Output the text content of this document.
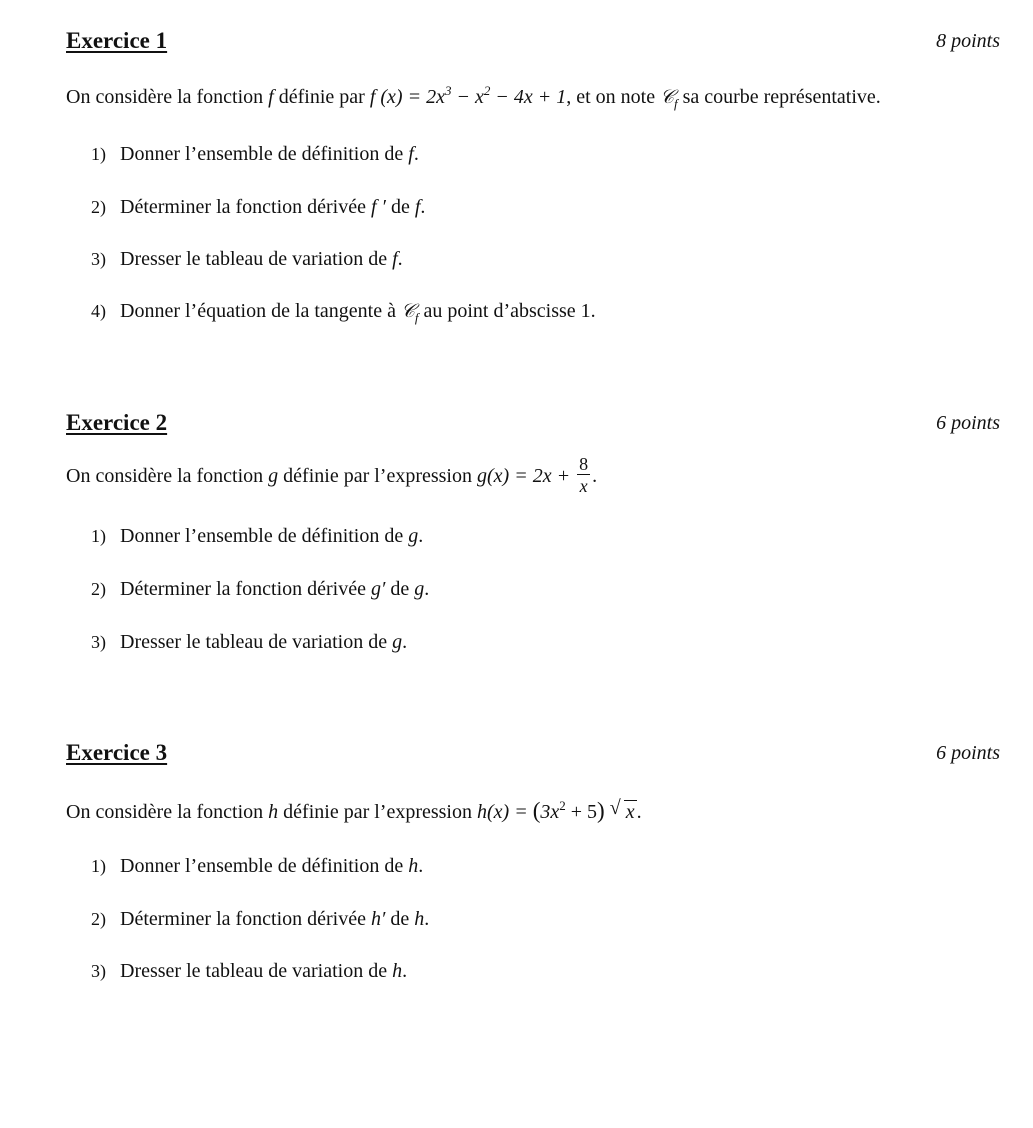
Exercice 1	8 points
On considère la fonction f définie par f $(x) = 2x^3 - x^2 - 4x + 1$, et on note 𝒞$_f$ sa courbe représentative.
1) Donner l’ensemble de définition de f.
2) Déterminer la fonction dérivée f ′ de f.
3) Dresser le tableau de variation de f.
4) Donner l’équation de la tangente à 𝒞$_f$ au point d’abscisse 1.
Exercice 2	6 points
On considère la fonction g définie par l’expression $g(x) = 2x + \frac{8}{x}$ .
1) Donner l’ensemble de définition de g.
2) Déterminer la fonction dérivée g′ de g.
3) Dresser le tableau de variation de g.
Exercice 3	6 points
On considère la fonction h définie par l’expression $h(x) = (3x^2 + 5)$ √ x .
1) Donner l’ensemble de définition de h.
2) Déterminer la fonction dérivée h′ de h.
3) Dresser le tableau de variation de h.
